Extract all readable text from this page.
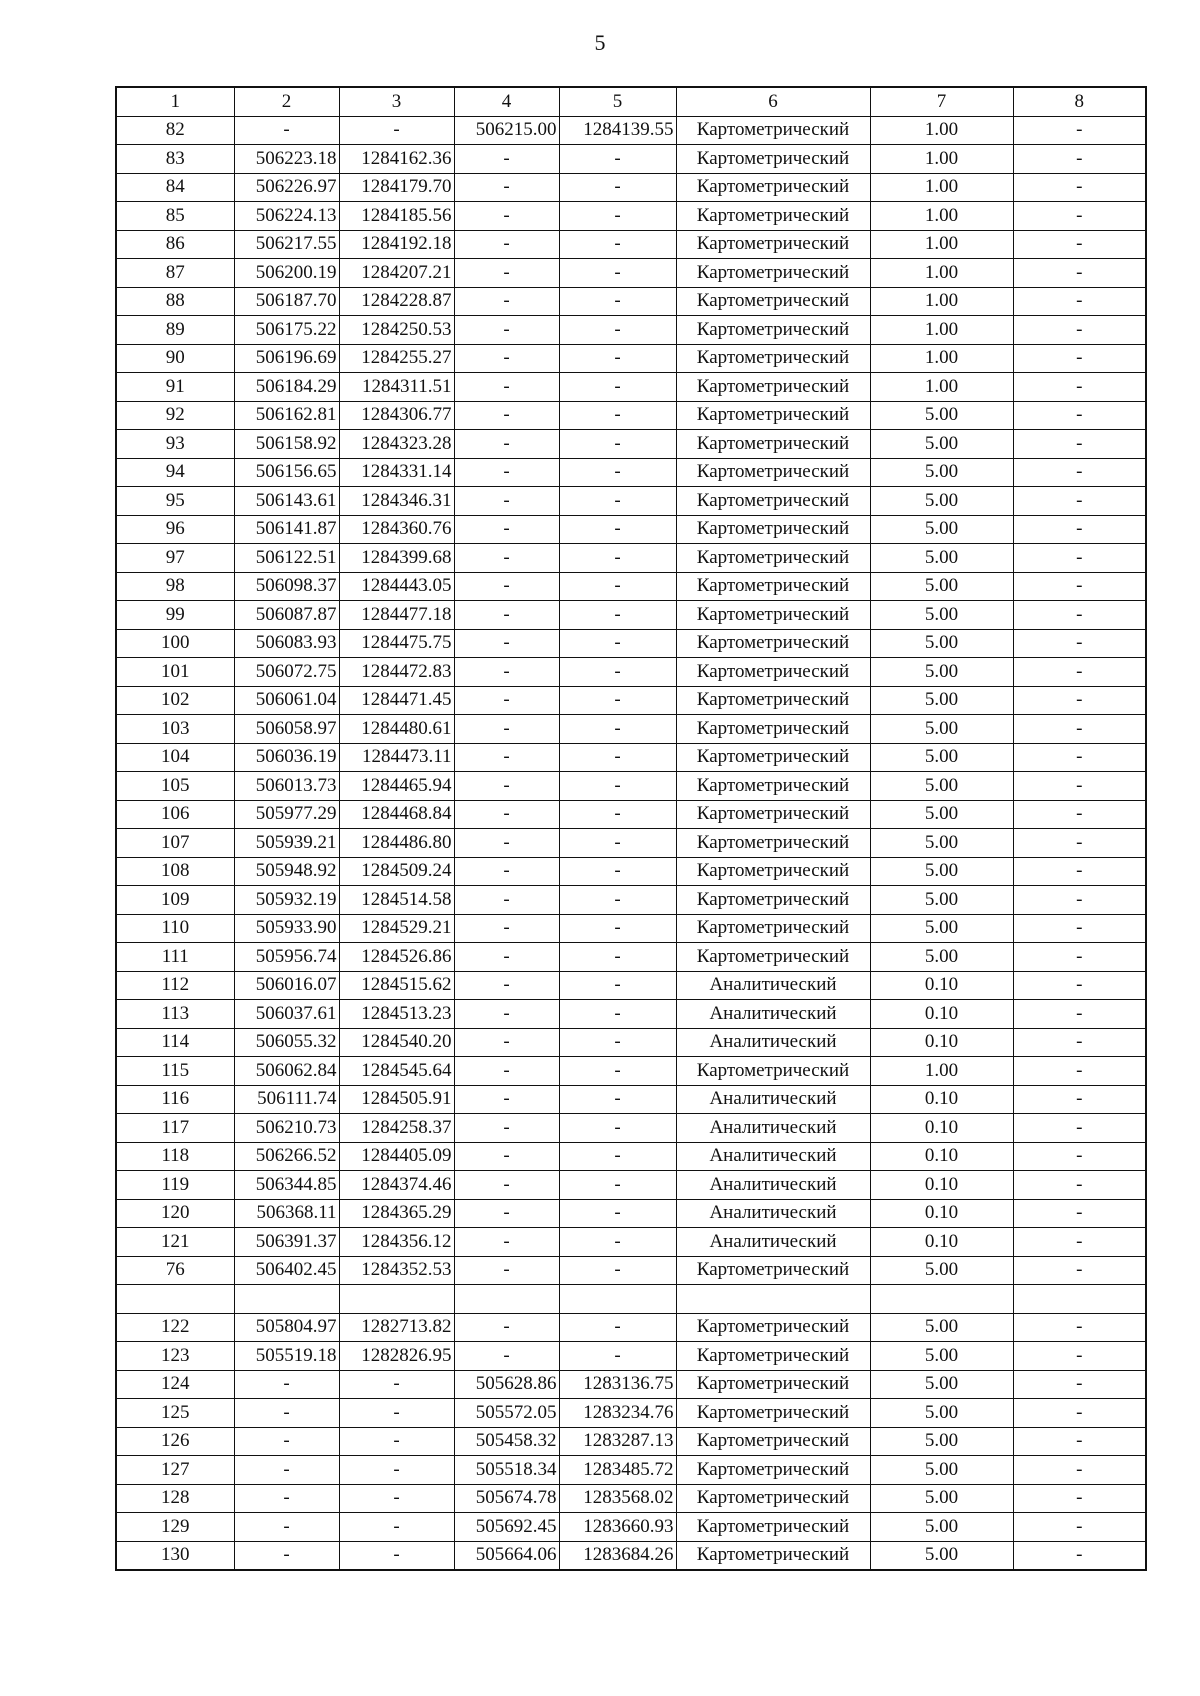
5
1	2	3	4	5	6	7	8
82	-	-	506215.00	1284139.55	Картометрический	1.00	-
83	506223.18	1284162.36	-	-	Картометрический	1.00	-
84	506226.97	1284179.70	-	-	Картометрический	1.00	-
85	506224.13	1284185.56	-	-	Картометрический	1.00	-
86	506217.55	1284192.18	-	-	Картометрический	1.00	-
87	506200.19	1284207.21	-	-	Картометрический	1.00	-
88	506187.70	1284228.87	-	-	Картометрический	1.00	-
89	506175.22	1284250.53	-	-	Картометрический	1.00	-
90	506196.69	1284255.27	-	-	Картометрический	1.00	-
91	506184.29	1284311.51	-	-	Картометрический	1.00	-
92	506162.81	1284306.77	-	-	Картометрический	5.00	-
93	506158.92	1284323.28	-	-	Картометрический	5.00	-
94	506156.65	1284331.14	-	-	Картометрический	5.00	-
95	506143.61	1284346.31	-	-	Картометрический	5.00	-
96	506141.87	1284360.76	-	-	Картометрический	5.00	-
97	506122.51	1284399.68	-	-	Картометрический	5.00	-
98	506098.37	1284443.05	-	-	Картометрический	5.00	-
99	506087.87	1284477.18	-	-	Картометрический	5.00	-
100	506083.93	1284475.75	-	-	Картометрический	5.00	-
101	506072.75	1284472.83	-	-	Картометрический	5.00	-
102	506061.04	1284471.45	-	-	Картометрический	5.00	-
103	506058.97	1284480.61	-	-	Картометрический	5.00	-
104	506036.19	1284473.11	-	-	Картометрический	5.00	-
105	506013.73	1284465.94	-	-	Картометрический	5.00	-
106	505977.29	1284468.84	-	-	Картометрический	5.00	-
107	505939.21	1284486.80	-	-	Картометрический	5.00	-
108	505948.92	1284509.24	-	-	Картометрический	5.00	-
109	505932.19	1284514.58	-	-	Картометрический	5.00	-
110	505933.90	1284529.21	-	-	Картометрический	5.00	-
111	505956.74	1284526.86	-	-	Картометрический	5.00	-
112	506016.07	1284515.62	-	-	Аналитический	0.10	-
113	506037.61	1284513.23	-	-	Аналитический	0.10	-
114	506055.32	1284540.20	-	-	Аналитический	0.10	-
115	506062.84	1284545.64	-	-	Картометрический	1.00	-
116	506111.74	1284505.91	-	-	Аналитический	0.10	-
117	506210.73	1284258.37	-	-	Аналитический	0.10	-
118	506266.52	1284405.09	-	-	Аналитический	0.10	-
119	506344.85	1284374.46	-	-	Аналитический	0.10	-
120	506368.11	1284365.29	-	-	Аналитический	0.10	-
121	506391.37	1284356.12	-	-	Аналитический	0.10	-
76	506402.45	1284352.53	-	-	Картометрический	5.00	-

122	505804.97	1282713.82	-	-	Картометрический	5.00	-
123	505519.18	1282826.95	-	-	Картометрический	5.00	-
124	-	-	505628.86	1283136.75	Картометрический	5.00	-
125	-	-	505572.05	1283234.76	Картометрический	5.00	-
126	-	-	505458.32	1283287.13	Картометрический	5.00	-
127	-	-	505518.34	1283485.72	Картометрический	5.00	-
128	-	-	505674.78	1283568.02	Картометрический	5.00	-
129	-	-	505692.45	1283660.93	Картометрический	5.00	-
130	-	-	505664.06	1283684.26	Картометрический	5.00	-
